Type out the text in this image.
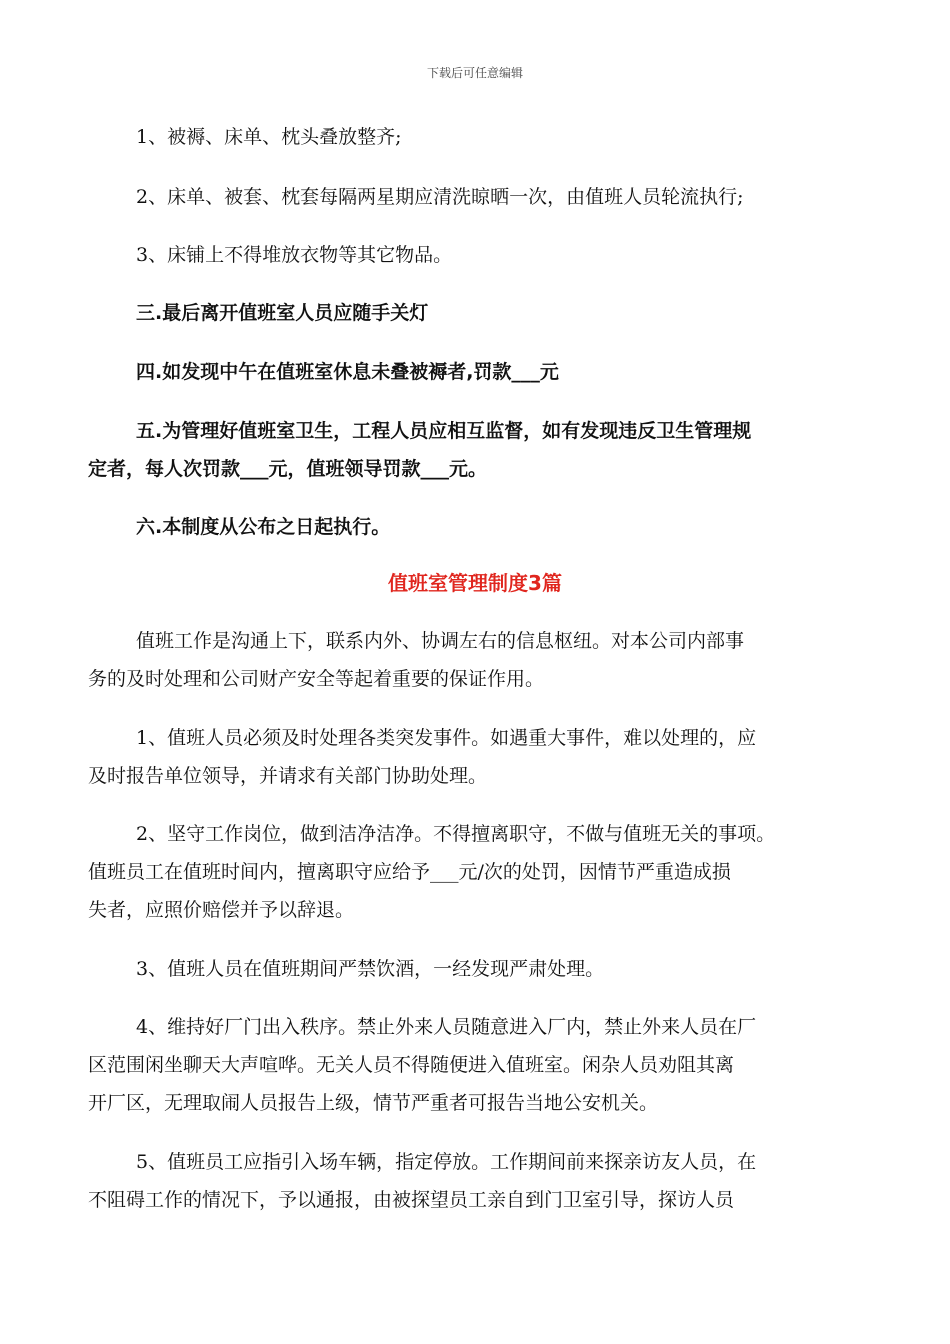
下载后可任意编辑
1、被褥、床单、枕头叠放整齐;
2、床单、被套、枕套每隔两星期应清洗晾晒一次，由值班人员轮流执行;
3、床铺上不得堆放衣物等其它物品。
三.最后离开值班室人员应随手关灯
四.如发现中午在值班室休息未叠被褥者,罚款___元
五.为管理好值班室卫生，工程人员应相互监督，如有发现违反卫生管理规
定者，每人次罚款___元，值班领导罚款___元。
六.本制度从公布之日起执行。
值班室管理制度3篇
值班工作是沟通上下，联系内外、协调左右的信息枢纽。对本公司内部事
务的及时处理和公司财产安全等起着重要的保证作用。
1、值班人员必须及时处理各类突发事件。如遇重大事件，难以处理的，应
及时报告单位领导，并请求有关部门协助处理。
2、坚守工作岗位，做到洁净洁净。不得擅离职守，不做与值班无关的事项。
值班员工在值班时间内，擅离职守应给予___元/次的处罚，因情节严重造成损
失者，应照价赔偿并予以辞退。
3、值班人员在值班期间严禁饮酒，一经发现严肃处理。
4、维持好厂门出入秩序。禁止外来人员随意进入厂内，禁止外来人员在厂
区范围闲坐聊天大声喧哗。无关人员不得随便进入值班室。闲杂人员劝阻其离
开厂区，无理取闹人员报告上级，情节严重者可报告当地公安机关。
5、值班员工应指引入场车辆，指定停放。工作期间前来探亲访友人员，在
不阻碍工作的情况下，予以通报，由被探望员工亲自到门卫室引导，探访人员
